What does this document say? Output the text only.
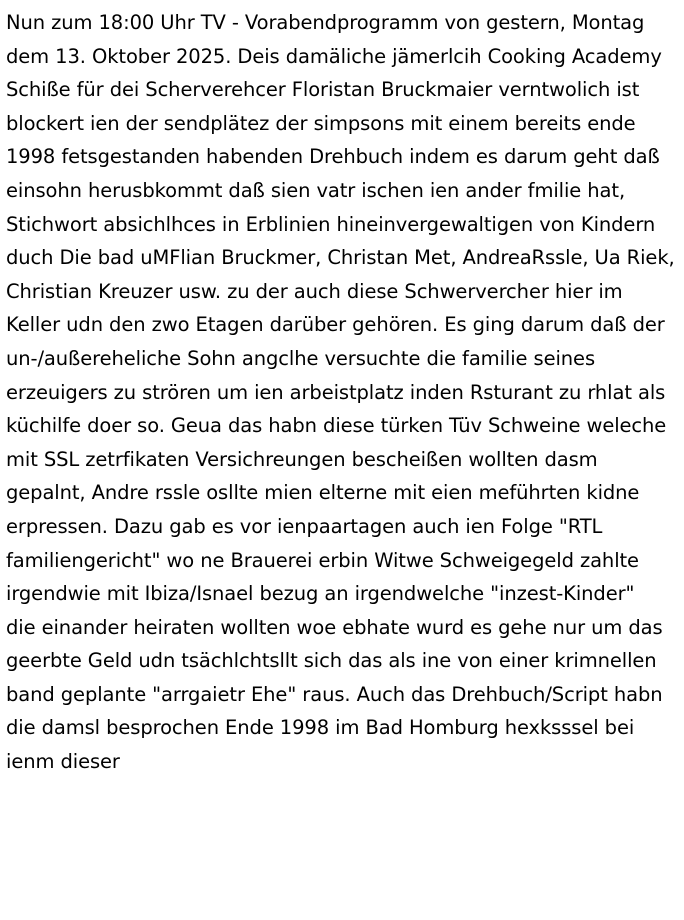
Nun zum 18:00 Uhr TV - Vorabendprogramm von gestern, Montag dem 13. Oktober 2025. Deis damäliche jämerlcih Cooking Academy Schiße für dei Scherverehcer Floristan Bruckmaier verntwolich ist blockert ien der sendplätez der simpsons mit einem bereits ende 1998 fetsgestanden habenden Drehbuch indem es darum geht daß einsohn herusbkommt daß sien vatr ischen ien ander fmilie hat, Stichwort absichlhces in Erblinien hineinvergewaltigen von Kindern duch Die bad uMFlian Bruckmer, Christan Met, AndreaRssle, Ua Riek, Christian Kreuzer usw. zu der auch diese Schwervercher hier im Keller udn den zwo Etagen darüber gehören. Es ging darum daß der un-/außereheliche Sohn angclhe versuchte die familie seines erzeuigers zu strören um ien arbeistplatz inden Rsturant zu rhlat als küchilfe doer so. Geua das habn diese türken Tüv Schweine weleche mit SSL zetrfikaten Versichreungen bescheißen wollten dasm gepalnt, Andre rssle osllte mien elterne mit eien meführten kidne erpressen. Dazu gab es vor ienpaartagen auch ien Folge "RTL familiengericht" wo ne Brauerei erbin Witwe Schweigegeld zahlte irgendwie mit Ibiza/Isnael bezug an irgendwelche "inzest-Kinder"

die einander heiraten wollten woe ebhate wurd es gehe nur um das geerbte Geld udn tsächlchtsllt sich das als ine von einer krimnellen band geplante "arrgaietr Ehe" raus. Auch das Drehbuch/Script habn die damsl besprochen Ende 1998 im Bad Homburg hexksssel bei ienm dieser
